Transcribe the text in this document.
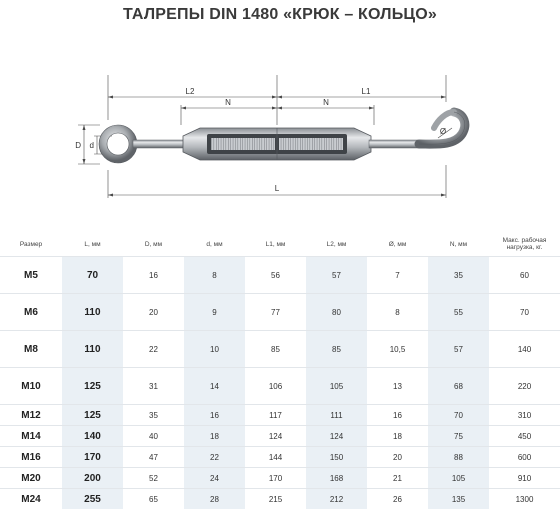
ТАЛРЕПЫ DIN 1480 «КРЮК – КОЛЬЦО»
L2
N	N
L1
L
D d
Ø
Размер	L, мм	D, мм	d, мм	L1, мм	L2, мм	Ø, мм	N, мм	Макс. рабочая нагрузка, кг.
M5	70	16	8	56	57	7	35	60
M6	110	20	9	77	80	8	55	70
M8	110	22	10	85	85	10,5	57	140
M10	125	31	14	106	105	13	68	220
M12	125	35	16	117	111	16	70	310
M14	140	40	18	124	124	18	75	450
M16	170	47	22	144	150	20	88	600
M20	200	52	24	170	168	21	105	910
M24	255	65	28	215	212	26	135	1300
